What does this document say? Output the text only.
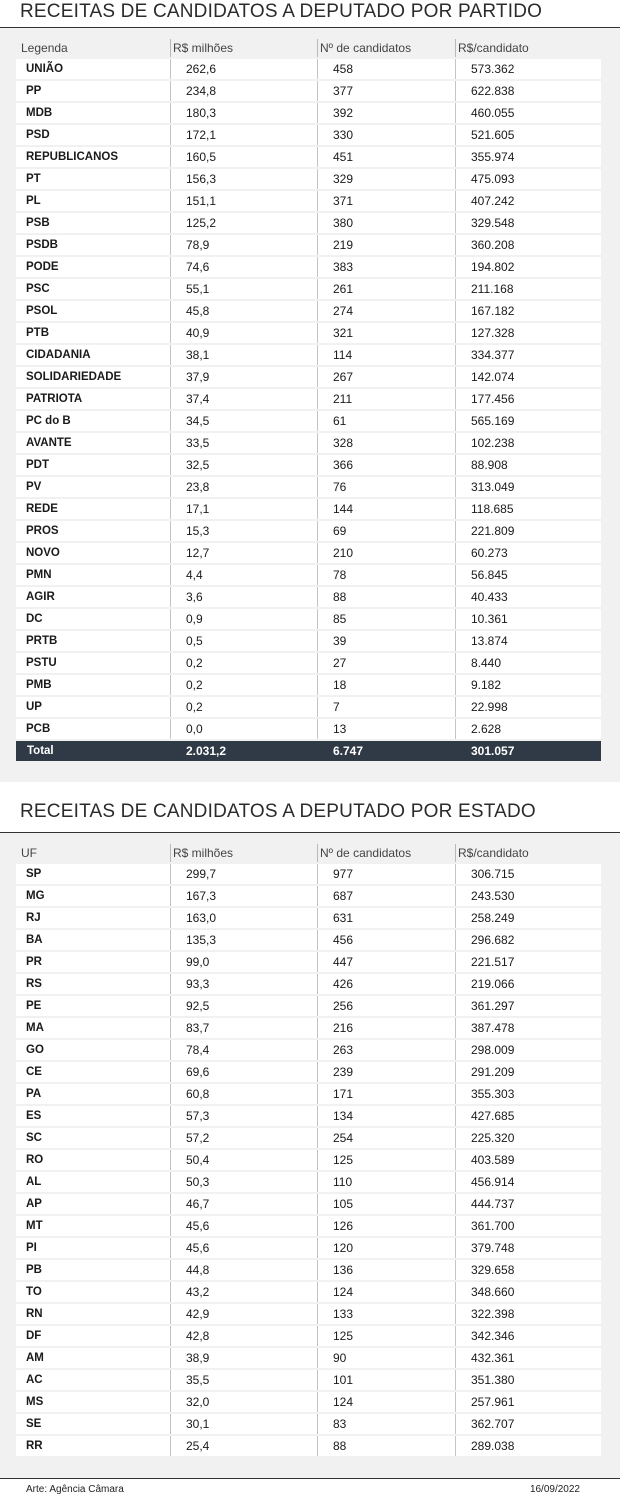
RECEITAS DE CANDIDATOS A DEPUTADO POR PARTIDO
Legenda	R$ milhões	Nº de candidatos	R$/candidato
UNIÃO	262,6	458	573.362
PP	234,8	377	622.838
MDB	180,3	392	460.055
PSD	172,1	330	521.605
REPUBLICANOS	160,5	451	355.974
PT	156,3	329	475.093
PL	151,1	371	407.242
PSB	125,2	380	329.548
PSDB	78,9	219	360.208
PODE	74,6	383	194.802
PSC	55,1	261	211.168
PSOL	45,8	274	167.182
PTB	40,9	321	127.328
CIDADANIA	38,1	114	334.377
SOLIDARIEDADE	37,9	267	142.074
PATRIOTA	37,4	211	177.456
PC do B	34,5	61	565.169
AVANTE	33,5	328	102.238
PDT	32,5	366	88.908
PV	23,8	76	313.049
REDE	17,1	144	118.685
PROS	15,3	69	221.809
NOVO	12,7	210	60.273
PMN	4,4	78	56.845
AGIR	3,6	88	40.433
DC	0,9	85	10.361
PRTB	0,5	39	13.874
PSTU	0,2	27	8.440
PMB	0,2	18	9.182
UP	0,2	7	22.998
PCB	0,0	13	2.628
Total	2.031,2	6.747	301.057
RECEITAS DE CANDIDATOS A DEPUTADO POR ESTADO
UF	R$ milhões	Nº de candidatos	R$/candidato
SP	299,7	977	306.715
MG	167,3	687	243.530
RJ	163,0	631	258.249
BA	135,3	456	296.682
PR	99,0	447	221.517
RS	93,3	426	219.066
PE	92,5	256	361.297
MA	83,7	216	387.478
GO	78,4	263	298.009
CE	69,6	239	291.209
PA	60,8	171	355.303
ES	57,3	134	427.685
SC	57,2	254	225.320
RO	50,4	125	403.589
AL	50,3	110	456.914
AP	46,7	105	444.737
MT	45,6	126	361.700
PI	45,6	120	379.748
PB	44,8	136	329.658
TO	43,2	124	348.660
RN	42,9	133	322.398
DF	42,8	125	342.346
AM	38,9	90	432.361
AC	35,5	101	351.380
MS	32,0	124	257.961
SE	30,1	83	362.707
RR	25,4	88	289.038
Arte: Agência Câmara	16/09/2022
